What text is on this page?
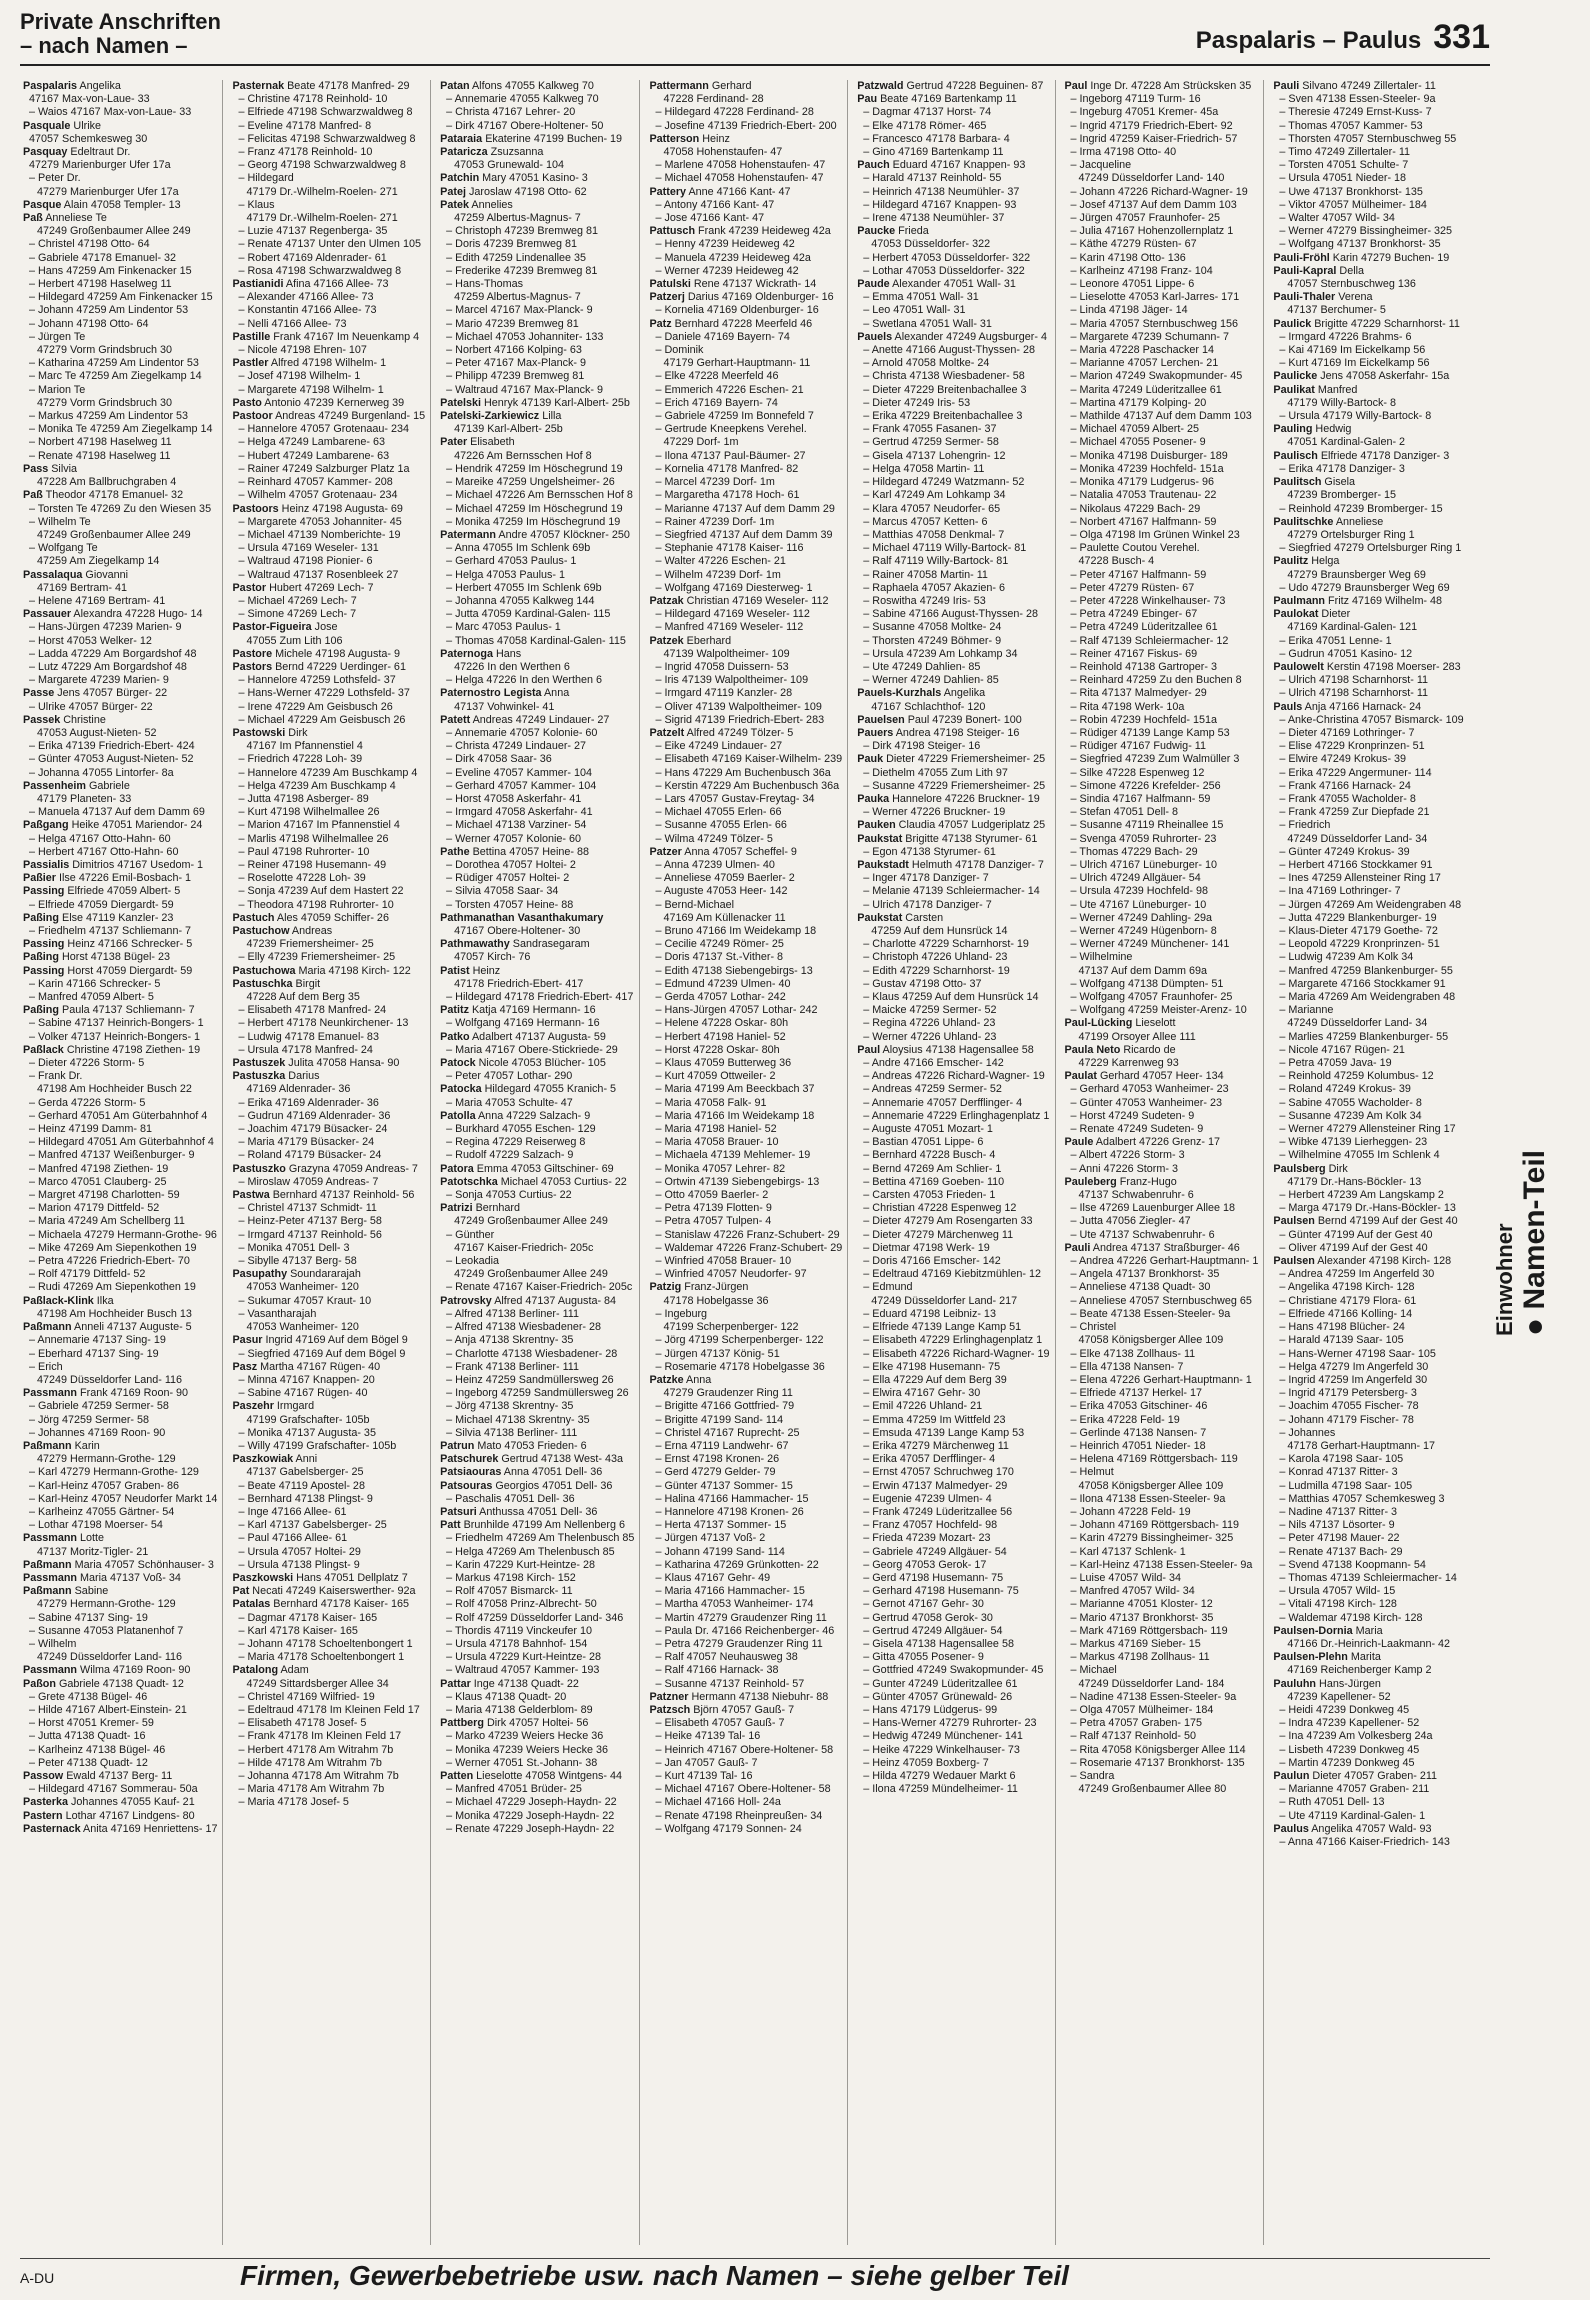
Private Anschriften
– nach Namen –	Paspalaris – Paulus 331
Paspalaris Angelika
47167 Max-von-Laue- 33
– Waios 47167 Max-von-Laue- 33
Pasquale Ulrike
47057 Schemkesweg 30
Pasquay Edeltraut Dr.
47279 Marienburger Ufer 17a
– Peter Dr.
47279 Marienburger Ufer 17a
Pasque Alain 47058 Templer- 13
Paß Anneliese Te
47249 Großenbaumer Allee 249
– Christel 47198 Otto- 64
– Gabriele 47178 Emanuel- 32
– Hans 47259 Am Finkenacker 15
– Herbert 47198 Haselweg 11
– Hildegard 47259 Am Finkenacker 15
– Johann 47259 Am Lindentor 53
– Johann 47198 Otto- 64
– Jürgen Te
47279 Vorm Grindsbruch 30
– Katharina 47259 Am Lindentor 53
– Marc Te 47259 Am Ziegelkamp 14
– Marion Te
47279 Vorm Grindsbruch 30
– Markus 47259 Am Lindentor 53
– Monika Te 47259 Am Ziegelkamp 14
– Norbert 47198 Haselweg 11
– Renate 47198 Haselweg 11
Pass Silvia
47228 Am Ballbruchgraben 4
Paß Theodor 47178 Emanuel- 32
– Torsten Te 47269 Zu den Wiesen 35
– Wilhelm Te
47249 Großenbaumer Allee 249
– Wolfgang Te
47259 Am Ziegelkamp 14
Passalaqua Giovanni
47169 Bertram- 41
– Helene 47169 Bertram- 41
Passauer Alexandra 47228 Hugo- 14
– Hans-Jürgen 47239 Marien- 9
– Horst 47053 Welker- 12
– Ladda 47229 Am Borgardshof 48
– Lutz 47229 Am Borgardshof 48
– Margarete 47239 Marien- 9
Passe Jens 47057 Bürger- 22
– Ulrike 47057 Bürger- 22
Passek Christine
47053 August-Nieten- 52
– Erika 47139 Friedrich-Ebert- 424
– Günter 47053 August-Nieten- 52
– Johanna 47055 Lintorfer- 8a
Passenheim Gabriele
47179 Planeten- 33
– Manuela 47137 Auf dem Damm 69
Paßgang Heike 47051 Mariendor- 24
– Helga 47167 Otto-Hahn- 60
– Herbert 47167 Otto-Hahn- 60
Passialis Dimitrios 47167 Usedom- 1
Paßier Ilse 47226 Emil-Bosbach- 1
Passing Elfriede 47059 Albert- 5
– Elfriede 47059 Diergardt- 59
Paßing Else 47119 Kanzler- 23
– Friedhelm 47137 Schliemann- 7
Passing Heinz 47166 Schrecker- 5
Paßing Horst 47138 Bügel- 23
Passing Horst 47059 Diergardt- 59
– Karin 47166 Schrecker- 5
– Manfred 47059 Albert- 5
Paßing Paula 47137 Schliemann- 7
– Sabine 47137 Heinrich-Bongers- 1
– Volker 47137 Heinrich-Bongers- 1
Paßlack Christine 47198 Ziethen- 19
– Dieter 47226 Storm- 5
– Frank Dr.
47198 Am Hochheider Busch 22
– Gerda 47226 Storm- 5
– Gerhard 47051 Am Güterbahnhof 4
– Heinz 47199 Damm- 81
– Hildegard 47051 Am Güterbahnhof 4
– Manfred 47137 Weißenburger- 9
– Manfred 47198 Ziethen- 19
– Marco 47051 Clauberg- 25
– Margret 47198 Charlotten- 59
– Marion 47179 Dittfeld- 52
– Maria 47249 Am Schellberg 11
– Michaela 47279 Hermann-Grothe- 96
– Mike 47269 Am Siepenkothen 19
– Petra 47226 Friedrich-Ebert- 70
– Rolf 47179 Dittfeld- 52
– Rudi 47269 Am Siepenkothen 19
Paßlack-Klink Ilka
47198 Am Hochheider Busch 13
Paßmann Anneli 47137 Auguste- 5
– Annemarie 47137 Sing- 19
– Eberhard 47137 Sing- 19
– Erich
47249 Düsseldorfer Land- 116
Passmann Frank 47169 Roon- 90
– Gabriele 47259 Sermer- 58
– Jörg 47259 Sermer- 58
– Johannes 47169 Roon- 90
Paßmann Karin
47279 Hermann-Grothe- 129
– Karl 47279 Hermann-Grothe- 129
– Karl-Heinz 47057 Graben- 86
– Karl-Heinz 47057 Neudorfer Markt 14
– Karlheinz 47055 Gärtner- 54
– Lothar 47198 Moerser- 54
Passmann Lotte
47137 Moritz-Tigler- 21
Paßmann Maria 47057 Schönhauser- 3
Passmann Maria 47137 Voß- 34
Paßmann Sabine
47279 Hermann-Grothe- 129
– Sabine 47137 Sing- 19
– Susanne 47053 Platanenhof 7
– Wilhelm
47249 Düsseldorfer Land- 116
Passmann Wilma 47169 Roon- 90
Paßon Gabriele 47138 Quadt- 12
– Grete 47138 Bügel- 46
– Hilde 47167 Albert-Einstein- 21
– Horst 47051 Kremer- 59
– Jutta 47138 Quadt- 16
– Karlheinz 47138 Bügel- 46
– Peter 47138 Quadt- 12
Passow Ewald 47137 Berg- 11
– Hildegard 47167 Sommerau- 50a
Pasterka Johannes 47055 Kauf- 21
Pastern Lothar 47167 Lindgens- 80
Pasternack Anita 47169 Henriettens- 17
Pasternak Beate 47178 Manfred- 29
– Christine 47178 Reinhold- 10
– Elfriede 47198 Schwarzwaldweg 8
– Eveline 47178 Manfred- 8
– Felicitas 47198 Schwarzwaldweg 8
– Franz 47178 Reinhold- 10
– Georg 47198 Schwarzwaldweg 8
– Hildegard
47179 Dr.-Wilhelm-Roelen- 271
– Klaus
47179 Dr.-Wilhelm-Roelen- 271
– Luzie 47137 Regenberga- 35
– Renate 47137 Unter den Ulmen 105
– Robert 47169 Aldenrader- 61
– Rosa 47198 Schwarzwaldweg 8
Pastianidi Afina 47166 Allee- 73
– Alexander 47166 Allee- 73
– Konstantin 47166 Allee- 73
– Nelli 47166 Allee- 73
Pastille Frank 47167 Im Neuenkamp 4
– Nicole 47198 Ehren- 107
Pastler Alfred 47198 Wilhelm- 1
– Josef 47198 Wilhelm- 1
– Margarete 47198 Wilhelm- 1
Pasto Antonio 47239 Kernerweg 39
Pastoor Andreas 47249 Burgenland- 15
– Hannelore 47057 Grotenaau- 234
– Helga 47249 Lambarene- 63
– Hubert 47249 Lambarene- 63
– Rainer 47249 Salzburger Platz 1a
– Reinhard 47057 Kammer- 208
– Wilhelm 47057 Grotenaau- 234
Pastoors Heinz 47198 Augusta- 69
– Margarete 47053 Johanniter- 45
– Michael 47139 Nomberichte- 19
– Ursula 47169 Weseler- 131
– Waltraud 47198 Pionier- 6
– Waltraud 47137 Rosenbleek 27
Pastor Hubert 47269 Lech- 7
– Michael 47269 Lech- 7
– Simone 47269 Lech- 7
Pastor-Figueira Jose
47055 Zum Lith 106
Pastore Michele 47198 Augusta- 9
Pastors Bernd 47229 Uerdinger- 61
– Hannelore 47259 Lothsfeld- 37
– Hans-Werner 47229 Lothsfeld- 37
– Irene 47229 Am Geisbusch 26
– Michael 47229 Am Geisbusch 26
Pastowski Dirk
47167 Im Pfannenstiel 4
– Friedrich 47228 Loh- 39
– Hannelore 47239 Am Buschkamp 4
– Helga 47239 Am Buschkamp 4
– Jutta 47198 Asberger- 89
– Kurt 47198 Wilhelmallee 26
– Marion 47167 Im Pfannenstiel 4
– Marlis 47198 Wilhelmallee 26
– Paul 47198 Ruhrorter- 10
– Reiner 47198 Husemann- 49
– Roselotte 47228 Loh- 39
– Sonja 47239 Auf dem Hastert 22
– Theodora 47198 Ruhrorter- 10
Pastuch Ales 47059 Schiffer- 26
Pastuchow Andreas
47239 Friemersheimer- 25
– Elly 47239 Friemersheimer- 25
Pastuchowa Maria 47198 Kirch- 122
Pastuschka Birgit
47228 Auf dem Berg 35
– Elisabeth 47178 Manfred- 24
– Herbert 47178 Neunkirchener- 13
– Ludwig 47178 Emanuel- 83
– Ursula 47178 Manfred- 24
Pastuszek Julita 47058 Hansa- 90
Pastuszka Darius
47169 Aldenrader- 36
– Erika 47169 Aldenrader- 36
– Gudrun 47169 Aldenrader- 36
– Joachim 47179 Büsacker- 24
– Maria 47179 Büsacker- 24
– Roland 47179 Büsacker- 24
Pastuszko Grazyna 47059 Andreas- 7
– Miroslaw 47059 Andreas- 7
Pastwa Bernhard 47137 Reinhold- 56
– Christel 47137 Schmidt- 11
– Heinz-Peter 47137 Berg- 58
– Irmgard 47137 Reinhold- 56
– Monika 47051 Dell- 3
– Sibylle 47137 Berg- 58
Pasupathy Soundararajah
47053 Wanheimer- 120
– Sukumar 47057 Kraut- 10
– Vasantharajah
47053 Wanheimer- 120
Pasur Ingrid 47169 Auf dem Bögel 9
– Siegfried 47169 Auf dem Bögel 9
Pasz Martha 47167 Rügen- 40
– Minna 47167 Knappen- 20
– Sabine 47167 Rügen- 40
Paszehr Irmgard
47199 Grafschafter- 105b
– Monika 47137 Augusta- 35
– Willy 47199 Grafschafter- 105b
Paszkowiak Anni
47137 Gabelsberger- 25
– Beate 47119 Apostel- 28
– Bernhard 47138 Plingst- 9
– Inge 47166 Allee- 61
– Karl 47137 Gabelsberger- 25
– Paul 47166 Allee- 61
– Ursula 47057 Holtei- 29
– Ursula 47138 Plingst- 9
Paszkowski Hans 47051 Dellplatz 7
Pat Necati 47249 Kaiserswerther- 92a
Patalas Bernhard 47178 Kaiser- 165
– Dagmar 47178 Kaiser- 165
– Karl 47178 Kaiser- 165
– Johann 47178 Schoeltenbongert 1
– Maria 47178 Schoeltenbongert 1
Patalong Adam
47249 Sittardsberger Allee 34
– Christel 47169 Wilfried- 19
– Edeltraud 47178 Im Kleinen Feld 17
– Elisabeth 47178 Josef- 5
– Frank 47178 Im Kleinen Feld 17
– Herbert 47178 Am Witrahm 7b
– Hilde 47178 Am Witrahm 7b
– Johanna 47178 Am Witrahm 7b
– Maria 47178 Am Witrahm 7b
– Maria 47178 Josef- 5
Patan Alfons 47055 Kalkweg 70
– Annemarie 47055 Kalkweg 70
– Christa 47167 Lehrer- 20
– Dirk 47167 Obere-Holtener- 50
Pataraia Ekaterine 47199 Buchen- 19
Pataricza Zsuzsanna
47053 Grunewald- 104
Patchin Mary 47051 Kasino- 3
Patej Jaroslaw 47198 Otto- 62
Patek Annelies
47259 Albertus-Magnus- 7
– Christoph 47239 Bremweg 81
– Doris 47239 Bremweg 81
– Edith 47259 Lindenallee 35
– Frederike 47239 Bremweg 81
– Hans-Thomas
47259 Albertus-Magnus- 7
– Marcel 47167 Max-Planck- 9
– Mario 47239 Bremweg 81
– Michael 47053 Johanniter- 133
– Norbert 47166 Kolping- 63
– Peter 47167 Max-Planck- 9
– Philipp 47239 Bremweg 81
– Waltraud 47167 Max-Planck- 9
Patelski Henryk 47139 Karl-Albert- 25b
Patelski-Zarkiewicz Lilla
47139 Karl-Albert- 25b
Pater Elisabeth
47226 Am Bernsschen Hof 8
– Hendrik 47259 Im Höschegrund 19
– Mareike 47259 Ungelsheimer- 26
– Michael 47226 Am Bernsschen Hof 8
– Michael 47259 Im Höschegrund 19
– Monika 47259 Im Höschegrund 19
Patermann Andre 47057 Klöckner- 250
– Anna 47055 Im Schlenk 69b
– Gerhard 47053 Paulus- 1
– Helga 47053 Paulus- 1
– Herbert 47055 Im Schlenk 69b
– Johanna 47055 Kalkweg 144
– Jutta 47059 Kardinal-Galen- 115
– Marc 47053 Paulus- 1
– Thomas 47058 Kardinal-Galen- 115
Paternoga Hans
47226 In den Werthen 6
– Helga 47226 In den Werthen 6
Paternostro Legista Anna
47137 Vohwinkel- 41
Patett Andreas 47249 Lindauer- 27
– Annemarie 47057 Kolonie- 60
– Christa 47249 Lindauer- 27
– Dirk 47058 Saar- 36
– Eveline 47057 Kammer- 104
– Gerhard 47057 Kammer- 104
– Horst 47058 Askerfahr- 41
– Irmgard 47058 Askerfahr- 41
– Michael 47138 Varziner- 54
– Werner 47057 Kolonie- 60
Pathe Bettina 47057 Heine- 88
– Dorothea 47057 Holtei- 2
– Rüdiger 47057 Holtei- 2
– Silvia 47058 Saar- 34
– Torsten 47057 Heine- 88
Pathmanathan Vasanthakumary
47167 Obere-Holtener- 30
Pathmawathy Sandrasegaram
47057 Kirch- 76
Patist Heinz
47178 Friedrich-Ebert- 417
– Hildegard 47178 Friedrich-Ebert- 417
Patitz Katja 47169 Hermann- 16
– Wolfgang 47169 Hermann- 16
Patko Adalbert 47137 Augusta- 59
– Maria 47167 Obere-Stickriede- 29
Patock Nicole 47053 Blücher- 105
– Peter 47057 Lothar- 290
Patocka Hildegard 47055 Kranich- 5
– Maria 47053 Schulte- 47
Patolla Anna 47229 Salzach- 9
– Burkhard 47055 Eschen- 129
– Regina 47229 Reiserweg 8
– Rudolf 47229 Salzach- 9
Patora Emma 47053 Giltschiner- 69
Patotschka Michael 47053 Curtius- 22
– Sonja 47053 Curtius- 22
Patrizi Bernhard
47249 Großenbaumer Allee 249
– Günther
47167 Kaiser-Friedrich- 205c
– Leokadia
47249 Großenbaumer Allee 249
– Renate 47167 Kaiser-Friedrich- 205c
Patrovsky Alfred 47137 Augusta- 84
– Alfred 47138 Berliner- 111
– Alfred 47138 Wiesbadener- 28
– Anja 47138 Skrentny- 35
– Charlotte 47138 Wiesbadener- 28
– Frank 47138 Berliner- 111
– Heinz 47259 Sandmüllersweg 26
– Ingeborg 47259 Sandmüllersweg 26
– Jörg 47138 Skrentny- 35
– Michael 47138 Skrentny- 35
– Silvia 47138 Berliner- 111
Patrun Mato 47053 Frieden- 6
Patschurek Gertrud 47138 West- 43a
Patsiaouras Anna 47051 Dell- 36
Patsouras Georgios 47051 Dell- 36
– Paschalis 47051 Dell- 36
Patsuri Anthussa 47051 Dell- 36
Patt Brunhilde 47199 Am Nellenberg 6
– Friedhelm 47269 Am Thelenbusch 85
– Helga 47269 Am Thelenbusch 85
– Karin 47229 Kurt-Heintze- 28
– Markus 47198 Kirch- 152
– Rolf 47057 Bismarck- 11
– Rolf 47058 Prinz-Albrecht- 50
– Rolf 47259 Düsseldorfer Land- 346
– Thordis 47119 Vinckeufer 10
– Ursula 47178 Bahnhof- 154
– Ursula 47229 Kurt-Heintze- 28
– Waltraud 47057 Kammer- 193
Pattar Inge 47138 Quadt- 22
– Klaus 47138 Quadt- 20
– Maria 47138 Gelderblom- 89
Pattberg Dirk 47057 Holtei- 56
– Marko 47239 Weiers Hecke 36
– Monika 47239 Weiers Hecke 36
– Werner 47051 St.-Johann- 38
Patten Lieselotte 47058 Wintgens- 44
– Manfred 47051 Brüder- 25
– Michael 47229 Joseph-Haydn- 22
– Monika 47229 Joseph-Haydn- 22
– Renate 47229 Joseph-Haydn- 22
Pattermann Gerhard
47228 Ferdinand- 28
– Hildegard 47228 Ferdinand- 28
– Josefine 47139 Friedrich-Ebert- 200
Patterson Heinz
47058 Hohenstaufen- 47
– Marlene 47058 Hohenstaufen- 47
– Michael 47058 Hohenstaufen- 47
Pattery Anne 47166 Kant- 47
– Antony 47166 Kant- 47
– Jose 47166 Kant- 47
Pattusch Frank 47239 Heideweg 42a
– Henny 47239 Heideweg 42
– Manuela 47239 Heideweg 42a
– Werner 47239 Heideweg 42
Patulski Rene 47137 Wickrath- 14
Patzerj Darius 47169 Oldenburger- 16
– Kornelia 47169 Oldenburger- 16
Patz Bernhard 47228 Meerfeld 46
– Daniele 47169 Bayern- 74
– Dominik
47179 Gerhart-Hauptmann- 11
– Elke 47228 Meerfeld 46
– Emmerich 47226 Eschen- 21
– Erich 47169 Bayern- 74
– Gabriele 47259 Im Bonnefeld 7
– Gertrude Kneepkens Verehel.
47229 Dorf- 1m
– Ilona 47137 Paul-Bäumer- 27
– Kornelia 47178 Manfred- 82
– Marcel 47239 Dorf- 1m
– Margaretha 47178 Hoch- 61
– Marianne 47137 Auf dem Damm 29
– Rainer 47239 Dorf- 1m
– Siegfried 47137 Auf dem Damm 39
– Stephanie 47178 Kaiser- 116
– Walter 47226 Eschen- 21
– Wilhelm 47239 Dorf- 1m
– Wolfgang 47169 Diesterweg- 1
Patzak Christian 47169 Weseler- 112
– Hildegard 47169 Weseler- 112
– Manfred 47169 Weseler- 112
Patzek Eberhard
47139 Walpoltheimer- 109
– Ingrid 47058 Duissern- 53
– Iris 47139 Walpoltheimer- 109
– Irmgard 47119 Kanzler- 28
– Oliver 47139 Walpoltheimer- 109
– Sigrid 47139 Friedrich-Ebert- 283
Patzelt Alfred 47249 Tölzer- 5
– Eike 47249 Lindauer- 27
– Elisabeth 47169 Kaiser-Wilhelm- 239
– Hans 47229 Am Buchenbusch 36a
– Kerstin 47229 Am Buchenbusch 36a
– Lars 47057 Gustav-Freytag- 34
– Michael 47055 Erlen- 66
– Susanne 47055 Erlen- 66
– Wilma 47249 Tölzer- 5
Patzer Anna 47057 Scheffel- 9
– Anna 47239 Ulmen- 40
– Anneliese 47059 Baerler- 2
– Auguste 47053 Heer- 142
– Bernd-Michael
47169 Am Küllenacker 11
– Bruno 47166 Im Weidekamp 18
– Cecilie 47249 Römer- 25
– Doris 47137 St.-Vither- 8
– Edith 47138 Siebengebirgs- 13
– Edmund 47239 Ulmen- 40
– Gerda 47057 Lothar- 242
– Hans-Jürgen 47057 Lothar- 242
– Helene 47228 Oskar- 80h
– Herbert 47198 Haniel- 52
– Horst 47228 Oskar- 80h
– Klaus 47059 Butterweg 36
– Kurt 47059 Ottweiler- 2
– Maria 47199 Am Beeckbach 37
– Maria 47058 Falk- 91
– Maria 47166 Im Weidekamp 18
– Maria 47198 Haniel- 52
– Maria 47058 Brauer- 10
– Michaela 47139 Mehlemer- 19
– Monika 47057 Lehrer- 82
– Ortwin 47139 Siebengebirgs- 13
– Otto 47059 Baerler- 2
– Petra 47139 Flotten- 9
– Petra 47057 Tulpen- 4
– Stanislaw 47226 Franz-Schubert- 29
– Waldemar 47226 Franz-Schubert- 29
– Winfried 47058 Brauer- 10
– Winfried 47057 Neudorfer- 97
Patzig Franz-Jürgen
47178 Hobelgasse 36
– Ingeburg
47199 Scherpenberger- 122
– Jörg 47199 Scherpenberger- 122
– Jürgen 47137 König- 51
– Rosemarie 47178 Hobelgasse 36
Patzke Anna
47279 Graudenzer Ring 11
– Brigitte 47166 Gottfried- 79
– Brigitte 47199 Sand- 114
– Christel 47167 Ruprecht- 25
– Erna 47119 Landwehr- 67
– Ernst 47198 Kronen- 26
– Gerd 47279 Gelder- 79
– Günter 47137 Sommer- 15
– Halina 47166 Hammacher- 15
– Hannelore 47198 Kronen- 26
– Herta 47137 Sommer- 15
– Jürgen 47137 Voß- 2
– Johann 47199 Sand- 114
– Katharina 47269 Grünkotten- 22
– Klaus 47167 Gehr- 49
– Maria 47166 Hammacher- 15
– Martha 47053 Wanheimer- 174
– Martin 47279 Graudenzer Ring 11
– Paula Dr. 47166 Reichenberger- 46
– Petra 47279 Graudenzer Ring 11
– Ralf 47057 Neuhausweg 38
– Ralf 47166 Harnack- 38
– Susanne 47137 Reinhold- 57
Patzner Hermann 47138 Niebuhr- 88
Patzsch Björn 47057 Gauß- 7
– Elisabeth 47057 Gauß- 7
– Heike 47139 Tal- 16
– Heinrich 47167 Obere-Holtener- 58
– Jan 47057 Gauß- 7
– Kurt 47139 Tal- 16
– Michael 47167 Obere-Holtener- 58
– Michael 47166 Holl- 24a
– Renate 47198 Rheinpreußen- 34
– Wolfgang 47179 Sonnen- 24
Patzwald Gertrud 47228 Beguinen- 87
Pau Beate 47169 Bartenkamp 11
– Dagmar 47137 Horst- 74
– Elke 47178 Römer- 465
– Francesco 47178 Barbara- 4
– Gino 47169 Bartenkamp 11
Pauch Eduard 47167 Knappen- 93
– Harald 47137 Reinhold- 55
– Heinrich 47138 Neumühler- 37
– Hildegard 47167 Knappen- 93
– Irene 47138 Neumühler- 37
Paucke Frieda
47053 Düsseldorfer- 322
– Herbert 47053 Düsseldorfer- 322
– Lothar 47053 Düsseldorfer- 322
Paude Alexander 47051 Wall- 31
– Emma 47051 Wall- 31
– Leo 47051 Wall- 31
– Swetlana 47051 Wall- 31
Pauels Alexander 47249 Augsburger- 4
– Anette 47166 August-Thyssen- 28
– Arnold 47058 Moltke- 24
– Christa 47138 Wiesbadener- 58
– Dieter 47229 Breitenbachallee 3
– Dieter 47249 Iris- 53
– Erika 47229 Breitenbachallee 3
– Frank 47055 Fasanen- 37
– Gertrud 47259 Sermer- 58
– Gisela 47137 Lohengrin- 12
– Helga 47058 Martin- 11
– Hildegard 47249 Watzmann- 52
– Karl 47249 Am Lohkamp 34
– Klara 47057 Neudorfer- 65
– Marcus 47057 Ketten- 6
– Matthias 47058 Denkmal- 7
– Michael 47119 Willy-Bartock- 81
– Ralf 47119 Willy-Bartock- 81
– Rainer 47058 Martin- 11
– Raphaela 47057 Akazien- 6
– Roswitha 47249 Iris- 53
– Sabine 47166 August-Thyssen- 28
– Susanne 47058 Moltke- 24
– Thorsten 47249 Böhmer- 9
– Ursula 47239 Am Lohkamp 34
– Ute 47249 Dahlien- 85
– Werner 47249 Dahlien- 85
Pauels-Kurzhals Angelika
47167 Schlachthof- 120
Pauelsen Paul 47239 Bonert- 100
Pauers Andrea 47198 Steiger- 16
– Dirk 47198 Steiger- 16
Pauk Dieter 47229 Friemersheimer- 25
– Diethelm 47055 Zum Lith 97
– Susanne 47229 Friemersheimer- 25
Pauka Hannelore 47226 Bruckner- 19
– Werner 47226 Bruckner- 19
Pauken Claudia 47057 Ludgeriplatz 25
Paukstat Brigitte 47138 Styrumer- 61
– Egon 47138 Styrumer- 61
Paukstadt Helmuth 47178 Danziger- 7
– Inger 47178 Danziger- 7
– Melanie 47139 Schleiermacher- 14
– Ulrich 47178 Danziger- 7
Paukstat Carsten
47259 Auf dem Hunsrück 14
– Charlotte 47229 Scharnhorst- 19
– Christoph 47226 Uhland- 23
– Edith 47229 Scharnhorst- 19
– Gustav 47198 Otto- 37
– Klaus 47259 Auf dem Hunsrück 14
– Maicke 47259 Sermer- 52
– Regina 47226 Uhland- 23
– Werner 47226 Uhland- 23
Paul Aloysius 47138 Hagensallee 58
– Andre 47166 Emscher- 142
– Andreas 47226 Richard-Wagner- 19
– Andreas 47259 Sermer- 52
– Annemarie 47057 Derfflinger- 4
– Annemarie 47229 Erlinghagenplatz 1
– Auguste 47051 Mozart- 1
– Bastian 47051 Lippe- 6
– Bernhard 47228 Busch- 4
– Bernd 47269 Am Schlier- 1
– Bettina 47169 Goeben- 110
– Carsten 47053 Frieden- 1
– Christian 47228 Espenweg 12
– Dieter 47279 Am Rosengarten 33
– Dieter 47279 Märchenweg 11
– Dietmar 47198 Werk- 19
– Doris 47166 Emscher- 142
– Edeltraud 47169 Kiebitzmühlen- 12
– Edmund
47249 Düsseldorfer Land- 217
– Eduard 47198 Leibniz- 13
– Elfriede 47139 Lange Kamp 51
– Elisabeth 47229 Erlinghagenplatz 1
– Elisabeth 47226 Richard-Wagner- 19
– Elke 47198 Husemann- 75
– Ella 47229 Auf dem Berg 39
– Elwira 47167 Gehr- 30
– Emil 47226 Uhland- 21
– Emma 47259 Im Wittfeld 23
– Emsuda 47139 Lange Kamp 53
– Erika 47279 Märchenweg 11
– Erika 47057 Derfflinger- 4
– Ernst 47057 Schruchweg 170
– Erwin 47137 Malmedyer- 29
– Eugenie 47239 Ulmen- 4
– Frank 47249 Lüderitzallee 56
– Franz 47057 Hochfeld- 98
– Frieda 47239 Mozart- 23
– Gabriele 47249 Allgäuer- 54
– Georg 47053 Gerok- 17
– Gerd 47198 Husemann- 75
– Gerhard 47198 Husemann- 75
– Gernot 47167 Gehr- 30
– Gertrud 47058 Gerok- 30
– Gertrud 47249 Allgäuer- 54
– Gisela 47138 Hagensallee 58
– Gitta 47055 Posener- 9
– Gottfried 47249 Swakopmunder- 45
– Gunter 47249 Lüderitzallee 61
– Günter 47057 Grünewald- 26
– Hans 47179 Lüdgerus- 99
– Hans-Werner 47279 Ruhrorter- 23
– Hedwig 47249 Münchener- 141
– Heike 47229 Winkelhauser- 73
– Heinz 47059 Boxberg- 7
– Hilda 47279 Wedauer Markt 6
– Ilona 47259 Mündelheimer- 11
Paul Inge Dr. 47228 Am Strücksken 35
– Ingeborg 47119 Turm- 16
– Ingeburg 47051 Kremer- 45a
– Ingrid 47179 Friedrich-Ebert- 92
– Ingrid 47259 Kaiser-Friedrich- 57
– Irma 47198 Otto- 40
– Jacqueline
47249 Düsseldorfer Land- 140
– Johann 47226 Richard-Wagner- 19
– Josef 47137 Auf dem Damm 103
– Jürgen 47057 Fraunhofer- 25
– Julia 47167 Hohenzollernplatz 1
– Käthe 47279 Rüsten- 67
– Karin 47198 Otto- 136
– Karlheinz 47198 Franz- 104
– Leonore 47051 Lippe- 6
– Lieselotte 47053 Karl-Jarres- 171
– Linda 47198 Jäger- 14
– Maria 47057 Sternbuschweg 156
– Margarete 47239 Schumann- 7
– Maria 47228 Paschacker 14
– Marianne 47057 Lerchen- 21
– Marion 47249 Swakopmunder- 45
– Marita 47249 Lüderitzallee 61
– Martina 47179 Kolping- 20
– Mathilde 47137 Auf dem Damm 103
– Michael 47059 Albert- 25
– Michael 47055 Posener- 9
– Monika 47198 Duisburger- 189
– Monika 47239 Hochfeld- 151a
– Monika 47179 Ludgerus- 96
– Natalia 47053 Trautenau- 22
– Nikolaus 47229 Bach- 29
– Norbert 47167 Halfmann- 59
– Olga 47198 Im Grünen Winkel 23
– Paulette Coutou Verehel.
47228 Busch- 4
– Peter 47167 Halfmann- 59
– Peter 47279 Rüsten- 67
– Peter 47228 Winkelhauser- 73
– Petra 47249 Ebinger- 67
– Petra 47249 Lüderitzallee 61
– Ralf 47139 Schleiermacher- 12
– Reiner 47167 Fiskus- 69
– Reinhold 47138 Gartroper- 3
– Reinhard 47259 Zu den Buchen 8
– Rita 47137 Malmedyer- 29
– Rita 47198 Werk- 10a
– Robin 47239 Hochfeld- 151a
– Rüdiger 47139 Lange Kamp 53
– Rüdiger 47167 Fudwig- 11
– Siegfried 47239 Zum Walmüller 3
– Silke 47228 Espenweg 12
– Simone 47226 Krefelder- 256
– Sindia 47167 Halfmann- 59
– Stefan 47051 Dell- 8
– Susanne 47119 Rheinallee 15
– Svenga 47059 Ruhrorter- 23
– Thomas 47229 Bach- 29
– Ulrich 47167 Lüneburger- 10
– Ulrich 47249 Allgäuer- 54
– Ursula 47239 Hochfeld- 98
– Ute 47167 Lüneburger- 10
– Werner 47249 Dahling- 29a
– Werner 47249 Hügenborn- 8
– Werner 47249 Münchener- 141
– Wilhelmine
47137 Auf dem Damm 69a
– Wolfgang 47138 Dümpten- 51
– Wolfgang 47057 Fraunhofer- 25
– Wolfgang 47259 Meister-Arenz- 10
Paul-Lücking Lieselott
47199 Orsoyer Allee 111
Paula Neto Ricardo de
47229 Karrenweg 93
Paulat Gerhard 47057 Heer- 134
– Gerhard 47053 Wanheimer- 23
– Günter 47053 Wanheimer- 23
– Horst 47249 Sudeten- 9
– Renate 47249 Sudeten- 9
Paule Adalbert 47226 Grenz- 17
– Albert 47226 Storm- 3
– Anni 47226 Storm- 3
Pauleberg Franz-Hugo
47137 Schwabenruhr- 6
– Ilse 47269 Lauenburger Allee 18
– Jutta 47056 Ziegler- 47
– Ute 47137 Schwabenruhr- 6
Pauli Andrea 47137 Straßburger- 46
– Andrea 47226 Gerhart-Hauptmann- 1
– Angela 47137 Bronkhorst- 35
– Anneliese 47138 Quadt- 30
– Anneliese 47057 Sternbuschweg 65
– Beate 47138 Essen-Steeler- 9a
– Christel
47058 Königsberger Allee 109
– Elke 47138 Zollhaus- 11
– Ella 47138 Nansen- 7
– Elena 47226 Gerhart-Hauptmann- 1
– Elfriede 47137 Herkel- 17
– Erika 47053 Gitschiner- 46
– Erika 47228 Feld- 19
– Gerlinde 47138 Nansen- 7
– Heinrich 47051 Nieder- 18
– Helena 47169 Röttgersbach- 119
– Helmut
47058 Königsberger Allee 109
– Ilona 47138 Essen-Steeler- 9a
– Johann 47228 Feld- 19
– Johann 47169 Röttgersbach- 119
– Karin 47279 Bissingheimer- 325
– Karl 47137 Schlenk- 1
– Karl-Heinz 47138 Essen-Steeler- 9a
– Luise 47057 Wild- 34
– Manfred 47057 Wild- 34
– Marianne 47051 Kloster- 12
– Mario 47137 Bronkhorst- 35
– Mark 47169 Röttgersbach- 119
– Markus 47169 Sieber- 15
– Markus 47198 Zollhaus- 11
– Michael
47249 Düsseldorfer Land- 184
– Nadine 47138 Essen-Steeler- 9a
– Olga 47057 Mülheimer- 184
– Petra 47057 Graben- 175
– Ralf 47137 Reinhold- 50
– Rita 47058 Königsberger Allee 114
– Rosemarie 47137 Bronkhorst- 135
– Sandra
47249 Großenbaumer Allee 80
Pauli Silvano 47249 Zillertaler- 11
– Sven 47138 Essen-Steeler- 9a
– Theresie 47249 Ernst-Kuss- 7
– Thomas 47057 Kammer- 53
– Thorsten 47057 Sternbuschweg 55
– Timo 47249 Zillertaler- 11
– Torsten 47051 Schulte- 7
– Ursula 47051 Nieder- 18
– Uwe 47137 Bronkhorst- 135
– Viktor 47057 Mülheimer- 184
– Walter 47057 Wild- 34
– Werner 47279 Bissingheimer- 325
– Wolfgang 47137 Bronkhorst- 35
Pauli-Fröhl Karin 47279 Buchen- 19
Pauli-Kapral Della
47057 Sternbuschweg 136
Pauli-Thaler Verena
47137 Berchumer- 5
Paulick Brigitte 47229 Scharnhorst- 11
– Irmgard 47226 Brahms- 6
– Kai 47169 Im Eickelkamp 56
– Kurt 47169 Im Eickelkamp 56
Paulicke Jens 47058 Askerfahr- 15a
Paulikat Manfred
47179 Willy-Bartock- 8
– Ursula 47179 Willy-Bartock- 8
Pauling Hedwig
47051 Kardinal-Galen- 2
Paulisch Elfriede 47178 Danziger- 3
– Erika 47178 Danziger- 3
Paulitsch Gisela
47239 Bromberger- 15
– Reinhold 47239 Bromberger- 15
Paulitschke Anneliese
47279 Ortelsburger Ring 1
– Siegfried 47279 Ortelsburger Ring 1
Paulitz Helga
47279 Braunsberger Weg 69
– Udo 47279 Braunsberger Weg 69
Paulmann Fritz 47169 Wilhelm- 48
Paulokat Dieter
47169 Kardinal-Galen- 121
– Erika 47051 Lenne- 1
– Gudrun 47051 Kasino- 12
Paulowelt Kerstin 47198 Moerser- 283
– Ulrich 47198 Scharnhorst- 11
– Ulrich 47198 Scharnhorst- 11
Pauls Anja 47166 Harnack- 24
– Anke-Christina 47057 Bismarck- 109
– Dieter 47169 Lothringer- 7
– Elise 47229 Kronprinzen- 51
– Elwire 47249 Krokus- 39
– Erika 47229 Angermuner- 114
– Frank 47166 Harnack- 24
– Frank 47055 Wacholder- 8
– Frank 47259 Zur Diepfade 21
– Friedrich
47249 Düsseldorfer Land- 34
– Günter 47249 Krokus- 39
– Herbert 47166 Stockkamer 91
– Ines 47259 Allensteiner Ring 17
– Ina 47169 Lothringer- 7
– Jürgen 47269 Am Weidengraben 48
– Jutta 47229 Blankenburger- 19
– Klaus-Dieter 47179 Goethe- 72
– Leopold 47229 Kronprinzen- 51
– Ludwig 47239 Am Kolk 34
– Manfred 47259 Blankenburger- 55
– Margarete 47166 Stockkamer 91
– Maria 47269 Am Weidengraben 48
– Marianne
47249 Düsseldorfer Land- 34
– Marlies 47259 Blankenburger- 55
– Nicole 47167 Rügen- 21
– Petra 47059 Java- 19
– Reinhold 47259 Kolumbus- 12
– Roland 47249 Krokus- 39
– Sabine 47055 Wacholder- 8
– Susanne 47239 Am Kolk 34
– Werner 47279 Allensteiner Ring 17
– Wibke 47139 Lierheggen- 23
– Wilhelmine 47055 Im Schlenk 4
Paulsberg Dirk
47179 Dr.-Hans-Böckler- 13
– Herbert 47239 Am Langskamp 2
– Marga 47179 Dr.-Hans-Böckler- 13
Paulsen Bernd 47199 Auf der Gest 40
– Günter 47199 Auf der Gest 40
– Oliver 47199 Auf der Gest 40
Paulsen Alexander 47198 Kirch- 128
– Andrea 47259 Im Angerfeld 30
– Angelika 47198 Kirch- 128
– Christiane 47179 Flora- 61
– Elfriede 47166 Kolling- 14
– Hans 47198 Blücher- 24
– Harald 47139 Saar- 105
– Hans-Werner 47198 Saar- 105
– Helga 47279 Im Angerfeld 30
– Ingrid 47259 Im Angerfeld 30
– Ingrid 47179 Petersberg- 3
– Joachim 47055 Fischer- 78
– Johann 47179 Fischer- 78
– Johannes
47178 Gerhart-Hauptmann- 17
– Karola 47198 Saar- 105
– Konrad 47137 Ritter- 3
– Ludmilla 47198 Saar- 105
– Matthias 47057 Schemkesweg 3
– Nadine 47137 Ritter- 3
– Nils 47137 Lösorter- 9
– Peter 47198 Mauer- 22
– Renate 47137 Bach- 29
– Svend 47138 Koopmann- 54
– Thomas 47139 Schleiermacher- 14
– Ursula 47057 Wild- 15
– Vitali 47198 Kirch- 128
– Waldemar 47198 Kirch- 128
Paulsen-Dornia Maria
47166 Dr.-Heinrich-Laakmann- 42
Paulsen-Plehn Marita
47169 Reichenberger Kamp 2
Pauluhn Hans-Jürgen
47239 Kapellener- 52
– Heidi 47239 Donkweg 45
– Indra 47239 Kapellener- 52
– Ina 47239 Am Volkesberg 24a
– Lisbeth 47239 Donkweg 45
– Martin 47239 Donkweg 45
Paulun Dieter 47057 Graben- 211
– Marianne 47057 Graben- 211
– Ruth 47051 Dell- 13
– Ute 47119 Kardinal-Galen- 1
Paulus Angelika 47057 Wald- 93
– Anna 47166 Kaiser-Friedrich- 143
Einwohner ● Namen-Teil
A-DU	Firmen, Gewerbebetriebe usw. nach Namen – siehe gelber Teil
